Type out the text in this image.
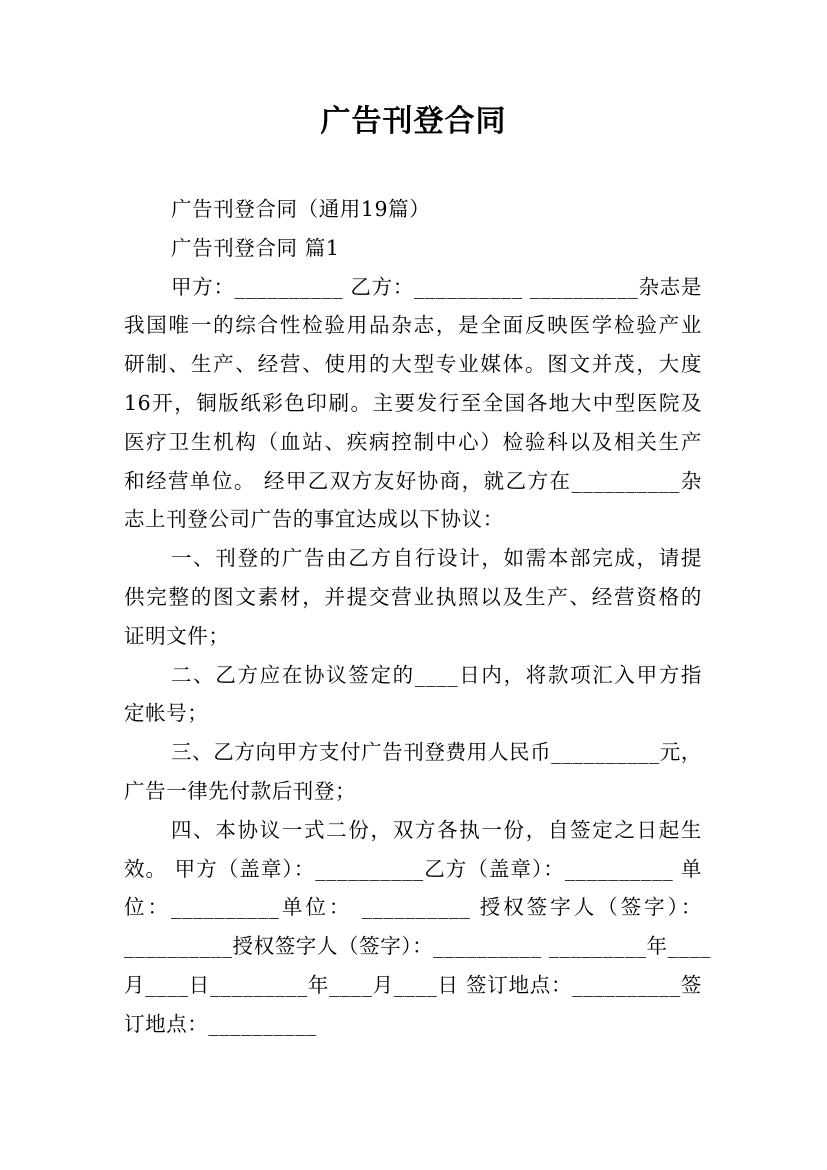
广告刊登合同
广告刊登合同（通用19篇）
广告刊登合同 篇1
甲方：__________ 乙方：__________ __________杂志是
我国唯一的综合性检验用品杂志，是全面反映医学检验产业
研制、生产、经营、使用的大型专业媒体。图文并茂，大度
16开，铜版纸彩色印刷。主要发行至全国各地大中型医院及
医疗卫生机构（血站、疾病控制中心）检验科以及相关生产
和经营单位。 经甲乙双方友好协商，就乙方在__________杂
志上刊登公司广告的事宜达成以下协议：
一、刊登的广告由乙方自行设计，如需本部完成，请提
供完整的图文素材，并提交营业执照以及生产、经营资格的
证明文件；
二、乙方应在协议签定的____日内，将款项汇入甲方指
定帐号；
三、乙方向甲方支付广告刊登费用人民币__________元，
广告一律先付款后刊登；
四、本协议一式二份，双方各执一份，自签定之日起生
效。 甲方（盖章）：__________乙方（盖章）：__________ 单
位：__________单位： __________ 授权签字人（签字）：
__________授权签字人（签字）：__________ _________年____
月____日_________年____月____日 签订地点：__________签
订地点：__________
